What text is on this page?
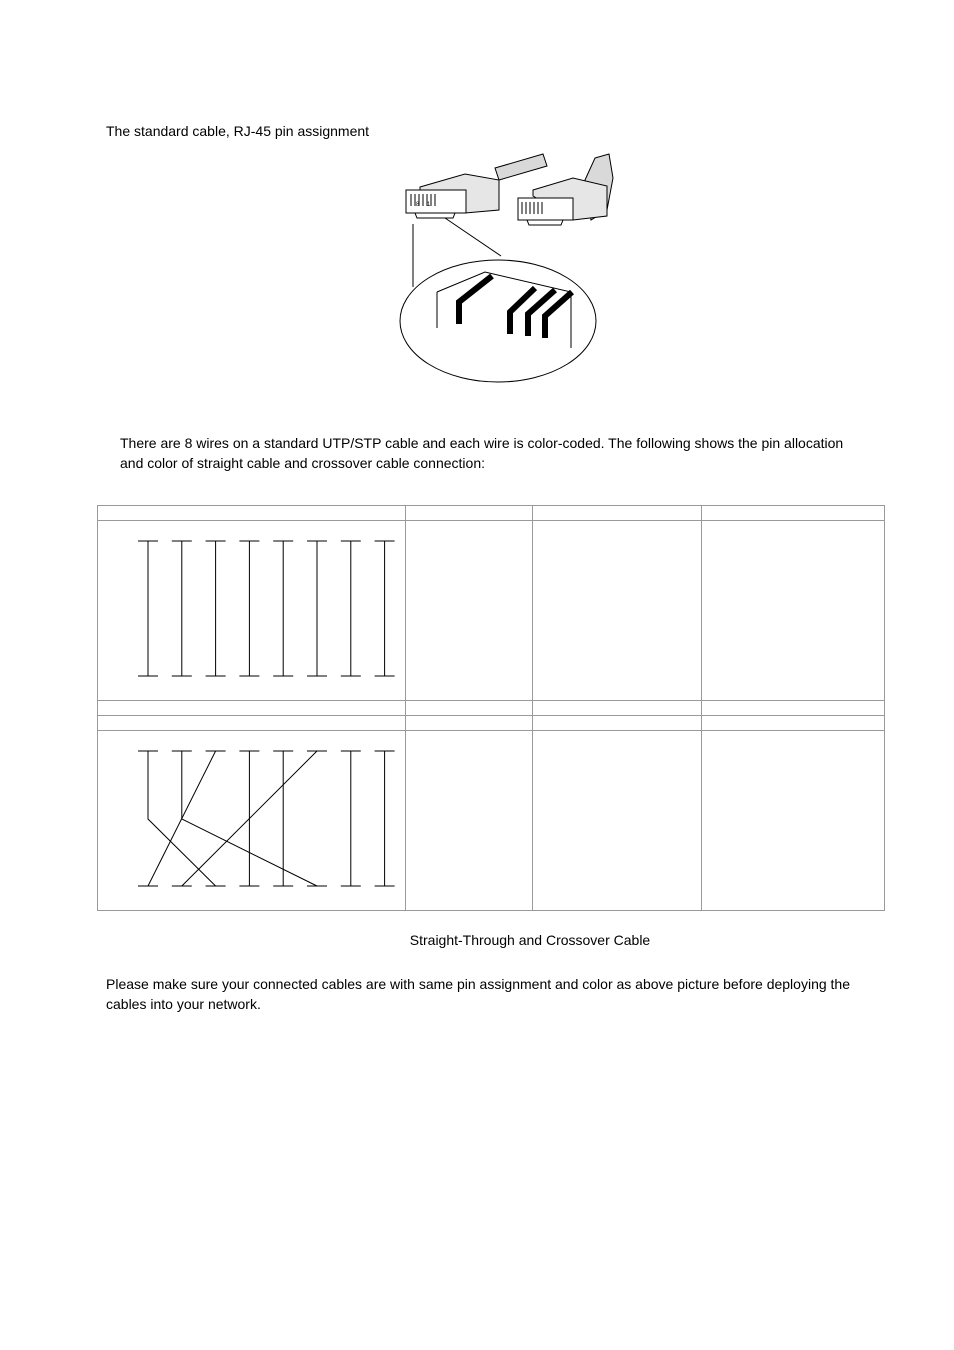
The standard cable, RJ-45 pin assignment

8 1

There are 8 wires on a standard UTP/STP cable and each wire is color-coded. The following shows the pin allocation
and color of straight cable and crossover cable connection:

Straight-Through and Crossover Cable

Please make sure your connected cables are with same pin assignment and color as above picture before deploying the
cables into your network.
